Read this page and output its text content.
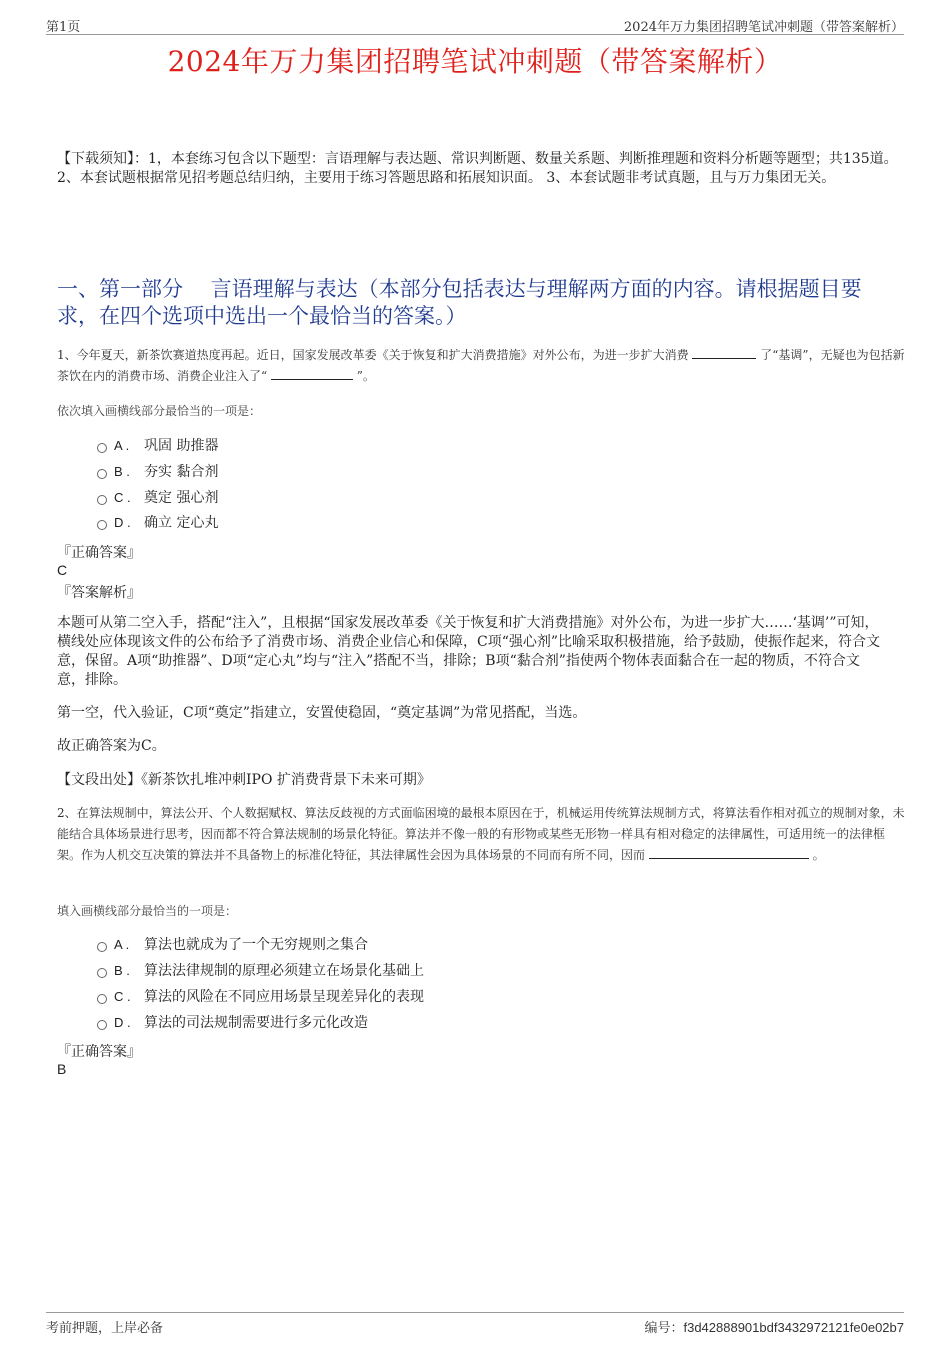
第1页	2024年万力集团招聘笔试冲刺题（带答案解析）
2024年万力集团招聘笔试冲刺题（带答案解析）
【下载须知】：1，本套练习包含以下题型：言语理解与表达题、常识判断题、数量关系题、判断推理题和资料分析题等题型；共135道。 2、本套试题根据常见招考题总结归纳，主要用于练习答题思路和拓展知识面。 3、本套试题非考试真题，且与万力集团无关。
一、第一部分　 言语理解与表达（本部分包括表达与理解两方面的内容。请根据题目要求，在四个选项中选出一个最恰当的答案。）
1、今年夏天，新茶饮赛道热度再起。近日，国家发展改革委《关于恢复和扩大消费措施》对外公布，为进一步扩大消费	了“基调”，无疑也为包括新茶饮在内的消费市场、消费企业注入了“	”。
依次填入画横线部分最恰当的一项是：
A .	巩固 助推器
B .	夯实 黏合剂
C . 奠定 强心剂
D . 确立 定心丸
『正确答案』
C
『答案解析』
本题可从第二空入手，搭配“注入”，且根据“国家发展改革委《关于恢复和扩大消费措施》对外公布，为进一步扩大……‘基调’”可知，横线处应体现该文件的公布给予了消费市场、消费企业信心和保障，C项“强心剂”比喻采取积极措施，给予鼓励，使振作起来，符合文意，保留。A项“助推器”、D项“定心丸”均与“注入”搭配不当，排除；B项“黏合剂”指使两个物体表面黏合在一起的物质，不符合文意，排除。
第一空，代入验证，C项“奠定”指建立，安置使稳固，“奠定基调”为常见搭配，当选。
故正确答案为C。
【文段出处】《新茶饮扎堆冲刺IPO 扩消费背景下未来可期》
2、在算法规制中，算法公开、个人数据赋权、算法反歧视的方式面临困境的最根本原因在于，机械运用传统算法规制方式，将算法看作相对孤立的规制对象，未能结合具体场景进行思考，因而都不符合算法规制的场景化特征。算法并不像一般的有形物或某些无形物一样具有相对稳定的法律属性，可适用统一的法律框架。作为人机交互决策的算法并不具备物上的标准化特征，其法律属性会因为具体场景的不同而有所不同，因而	。
填入画横线部分最恰当的一项是：
A .	算法也就成为了一个无穷规则之集合
B .	算法法律规制的原理必须建立在场景化基础上
C . 算法的风险在不同应用场景呈现差异化的表现
D . 算法的司法规制需要进行多元化改造
『正确答案』
B
考前押题，上岸必备	编号：f3d42888901bdf3432972121fe0e02b7
